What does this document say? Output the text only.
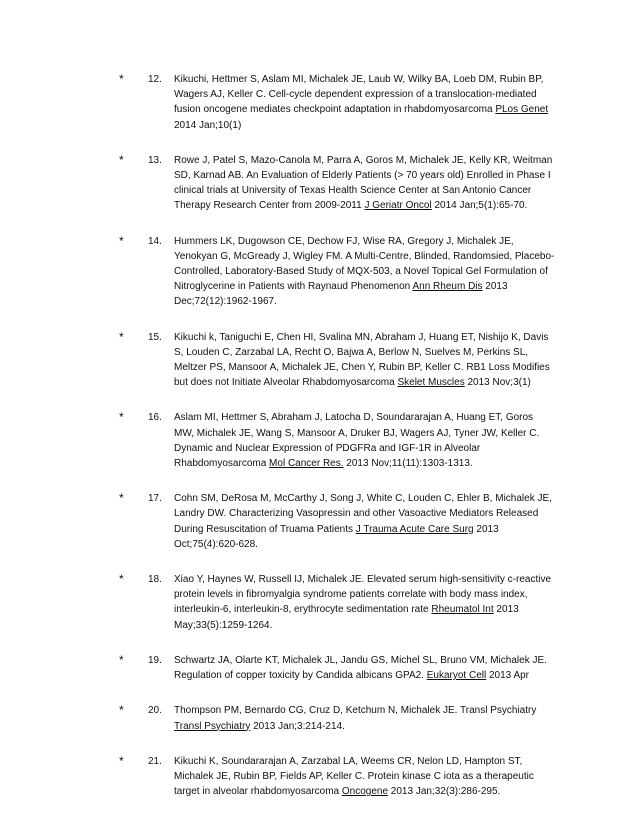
* 12. Kikuchi, Hettmer S, Aslam MI, Michalek JE, Laub W, Wilky BA, Loeb DM, Rubin BP,
Wagers AJ, Keller C. Cell-cycle dependent expression of a translocation-mediated
fusion oncogene mediates checkpoint adaptation in rhabdomyosarcoma PLos Genet
2014 Jan;10(1)
* 13. Rowe J, Patel S, Mazo-Canola M, Parra A, Goros M, Michalek JE, Kelly KR, Weitman
SD, Karnad AB. An Evaluation of Elderly Patients (> 70 years old) Enrolled in Phase I
clinical trials at University of Texas Health Science Center at San Antonio Cancer
Therapy Research Center from 2009-2011 J Geriatr Oncol 2014 Jan;5(1):65-70.
* 14. Hummers LK, Dugowson CE, Dechow FJ, Wise RA, Gregory J, Michalek JE,
Yenokyan G, McGready J, Wigley FM. A Multi-Centre, Blinded, Randomsied, Placebo-
Controlled, Laboratory-Based Study of MQX-503, a Novel Topical Gel Formulation of
Nitroglycerine in Patients with Raynaud Phenomenon Ann Rheum Dis 2013
Dec;72(12):1962-1967.
* 15. Kikuchi k, Taniguchi E, Chen HI, Svalina MN, Abraham J, Huang ET, Nishijo K, Davis
S, Louden C, Zarzabal LA, Recht O, Bajwa A, Berlow N, Suelves M, Perkins SL,
Meltzer PS, Mansoor A, Michalek JE, Chen Y, Rubin BP, Keller C. RB1 Loss Modifies
but does not Initiate Alveolar Rhabdomyosarcoma Skelet Muscles 2013 Nov;3(1)
* 16. Aslam MI, Hettmer S, Abraham J, Latocha D, Soundararajan A, Huang ET, Goros
MW, Michalek JE, Wang S, Mansoor A, Druker BJ, Wagers AJ, Tyner JW, Keller C.
Dynamic and Nuclear Expression of PDGFRa and IGF-1R in Alveolar
Rhabdomyosarcoma Mol Cancer Res. 2013 Nov;11(11):1303-1313.
* 17. Cohn SM, DeRosa M, McCarthy J, Song J, White C, Louden C, Ehler B, Michalek JE,
Landry DW. Characterizing Vasopressin and other Vasoactive Mediators Released
During Resuscitation of Truama Patients J Trauma Acute Care Surg 2013
Oct;75(4):620-628.
* 18. Xiao Y, Haynes W, Russell IJ, Michalek JE. Elevated serum high-sensitivity c-reactive
protein levels in fibromyalgia syndrome patients correlate with body mass index,
interleukin-6, interleukin-8, erythrocyte sedimentation rate Rheumatol Int 2013
May;33(5):1259-1264.
* 19. Schwartz JA, Olarte KT, Michalek JL, Jandu GS, Michel SL, Bruno VM, Michalek JE.
Regulation of copper toxicity by Candida albicans GPA2. Eukaryot Cell 2013 Apr
* 20. Thompson PM, Bernardo CG, Cruz D, Ketchum N, Michalek JE. Transl Psychiatry
Transl Psychiatry 2013 Jan;3:214-214.
* 21. Kikuchi K, Soundararajan A, Zarzabal LA, Weems CR, Nelon LD, Hampton ST,
Michalek JE, Rubin BP, Fields AP, Keller C. Protein kinase C iota as a therapeutic
target in alveolar rhabdomyosarcoma Oncogene 2013 Jan;32(3):286-295.
